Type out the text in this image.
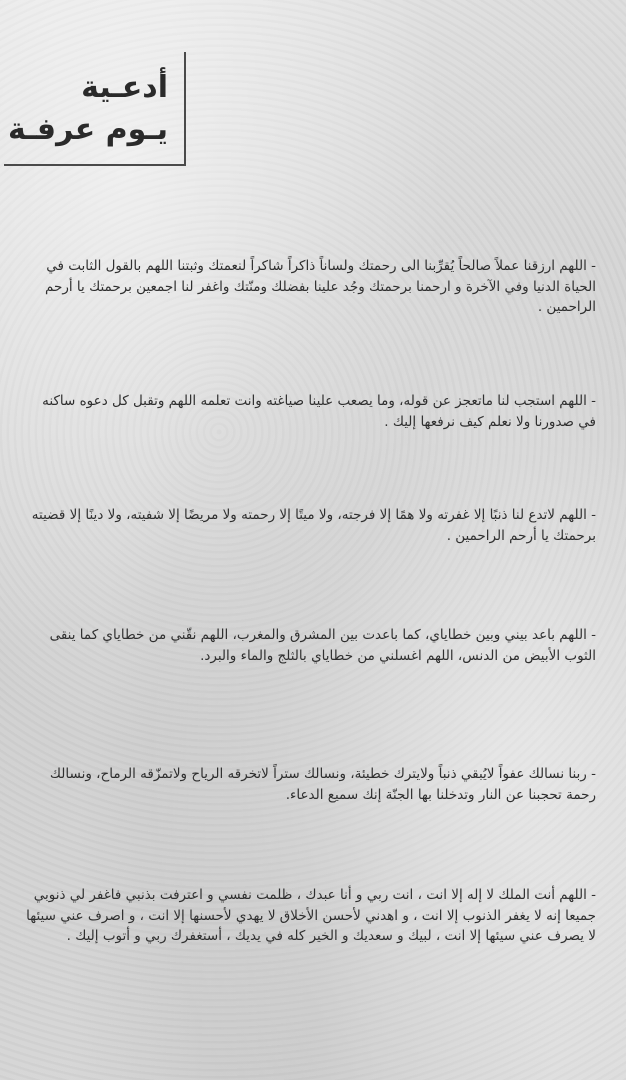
أدعـية
يـوم عرفـة
- اللهم ارزقنا عملاً صالحاً يُقرِّبنا الى رحمتك ولساناً ذاكراً شاكراً لنعمتك وثبتنا اللهم بالقول الثابت في الحياة الدنيا وفي الآخرة و ارحمنا برحمتك وجُد علينا بفضلك ومنّتك واغفر لنا اجمعين برحمتك يا أرحم الراحمين .
- اللهم استجب لنا ماتعجز عن قوله، وما يصعب علينا صياغته وانت تعلمه اللهم وتقبل كل دعوه ساكنه في صدورنا ولا نعلم كيف نرفعها إليك .
- اللهم لاتدع لنا ذنبًا إلا غفرته ولا همًا إلا فرجته، ولا ميتًا إلا رحمته ولا مريضًا إلا شفيته، ولا دينًا إلا قضيته برحمتك يا أرحم الراحمين .
- اللهم باعد بيني وبين خطاياي، كما باعدت بين المشرق والمغرب، اللهم نقّني من خطاياي كما ينقى الثوب الأبيض من الدنس، اللهم اغسلني من خطاياي بالثلج والماء والبرد.
- ربنا نسالك عفواً لايُبقي ذنباً ولايترك خطيئة، ونسالك ستراً لاتخرقه الرياح ولاتمزّقه الرماح، ونسالك رحمة تحجبنا عن النار وتدخلنا بها الجنّة إنك سميع الدعاء.
- اللهم أنت الملك لا إله إلا انت ، انت ربي و أنا عبدك ، ظلمت نفسي و اعترفت بذنبي فاغفر لي ذنوبي جميعا إنه لا يغفر الذنوب إلا انت ، و اهدني لأحسن الأخلاق لا يهدي لأحسنها إلا انت ، و اصرف عني سيئها لا يصرف عني سيئها إلا انت ، لبيك و سعديك و الخير كله في يديك ، أستغفرك ربي و أتوب إليك .
